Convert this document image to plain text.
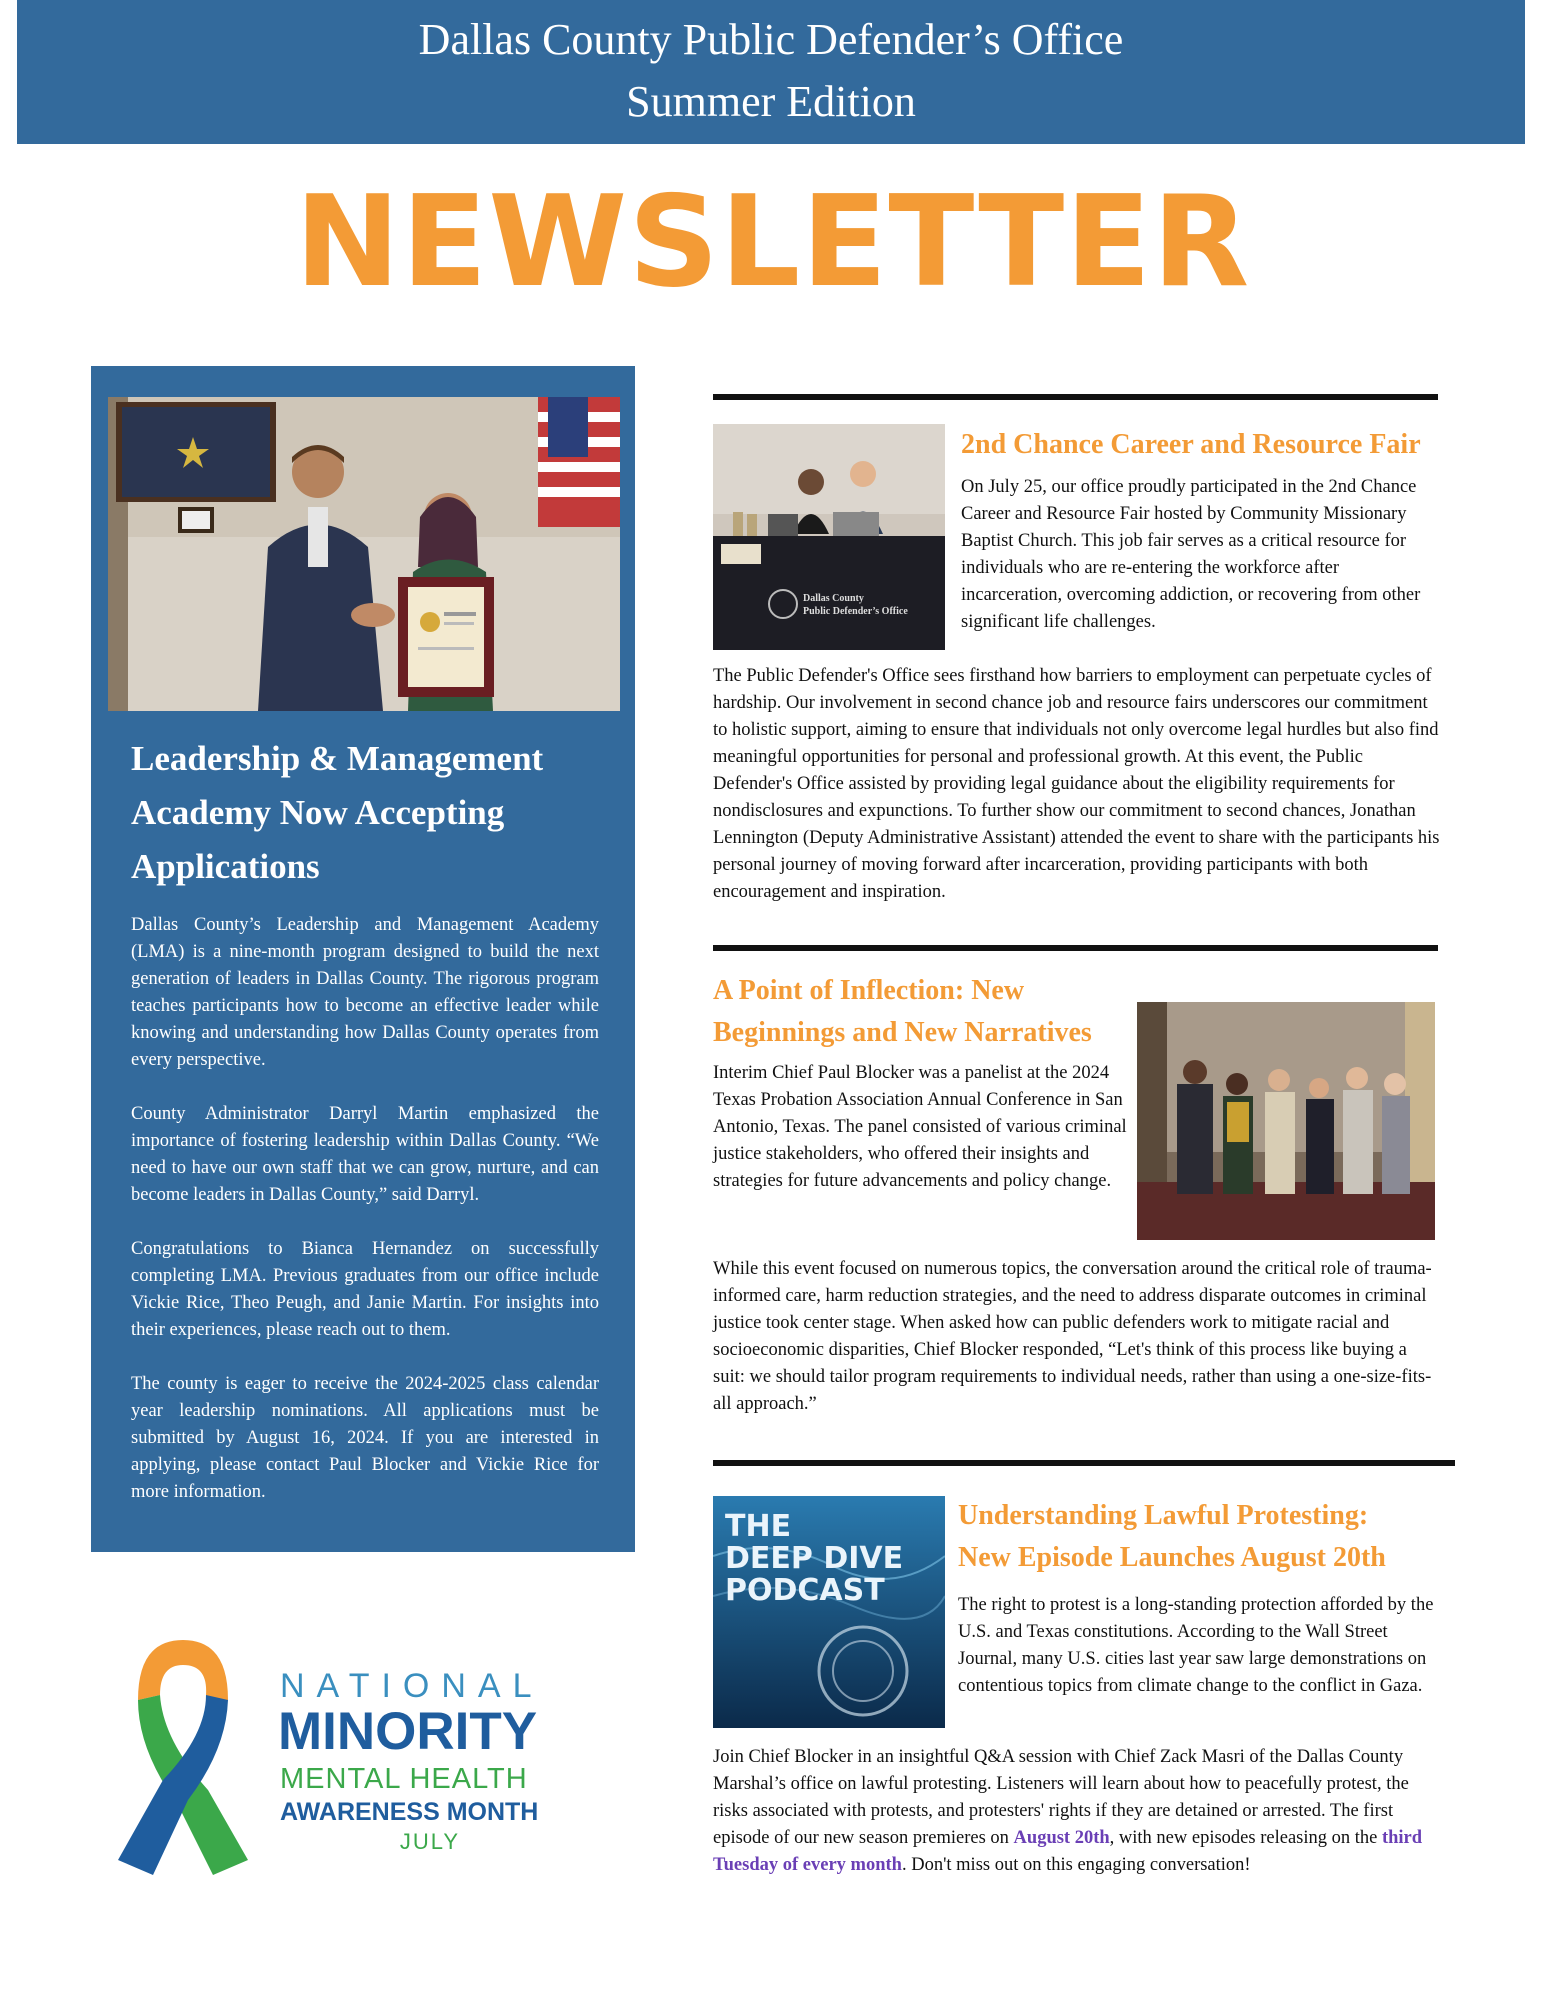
Dallas County Public Defender’s Office
Summer Edition
NEWSLETTER
Leadership & Management Academy Now Accepting Applications

Dallas County’s Leadership and Management Academy (LMA) is a nine-month program designed to build the next generation of leaders in Dallas County. The rigorous program teaches participants how to become an effective leader while knowing and understanding how Dallas County operates from every perspective.

County Administrator Darryl Martin emphasized the importance of fostering leadership within Dallas County. “We need to have our own staff that we can grow, nurture, and can become leaders in Dallas County,” said Darryl.

Congratulations to Bianca Hernandez on successfully completing LMA. Previous graduates from our office include Vickie Rice, Theo Peugh, and Janie Martin. For insights into their experiences, please reach out to them.

The county is eager to receive the 2024-2025 class calendar year leadership nominations. All applications must be submitted by August 16, 2024. If you are interested in applying, please contact Paul Blocker and Vickie Rice for more information.

NATIONAL
MINORITY
MENTAL HEALTH
AWARENESS MONTH
JULY
Dallas County
Public Defender’s Office

2nd Chance Career and Resource Fair

On July 25, our office proudly participated in the 2nd Chance Career and Resource Fair hosted by Community Missionary Baptist Church. This job fair serves as a critical resource for individuals who are re-entering the workforce after incarceration, overcoming addiction, or recovering from other significant life challenges.

The Public Defender's Office sees firsthand how barriers to employment can perpetuate cycles of hardship. Our involvement in second chance job and resource fairs underscores our commitment to holistic support, aiming to ensure that individuals not only overcome legal hurdles but also find meaningful opportunities for personal and professional growth. At this event, the Public Defender's Office assisted by providing legal guidance about the eligibility requirements for nondisclosures and expunctions. To further show our commitment to second chances, Jonathan Lennington (Deputy Administrative Assistant) attended the event to share with the participants his personal journey of moving forward after incarceration, providing participants with both encouragement and inspiration.

A Point of Inflection: New

Beginnings and New Narratives

Interim Chief Paul Blocker was a panelist at the 2024 Texas Probation Association Annual Conference in San Antonio, Texas. The panel consisted of various criminal justice stakeholders, who offered their insights and strategies for future advancements and policy change.

While this event focused on numerous topics, the conversation around the critical role of trauma-informed care, harm reduction strategies, and the need to address disparate outcomes in criminal justice took center stage. When asked how can public defenders work to mitigate racial and socioeconomic disparities, Chief Blocker responded, “Let's think of this process like buying a suit: we should tailor program requirements to individual needs, rather than using a one-size-fits-all approach.”

THE
DEEP DIVE
PODCAST

Understanding Lawful Protesting:

New Episode Launches August 20th

The right to protest is a long-standing protection afforded by the U.S. and Texas constitutions. According to the Wall Street Journal, many U.S. cities last year saw large demonstrations on contentious topics from climate change to the conflict in Gaza.

Join Chief Blocker in an insightful Q&A session with Chief Zack Masri of the Dallas County Marshal’s office on lawful protesting. Listeners will learn about how to peacefully protest, the risks associated with protests, and protesters' rights if they are detained or arrested. The first episode of our new season premieres on August 20th, with new episodes releasing on the third Tuesday of every month. Don't miss out on this engaging conversation!
